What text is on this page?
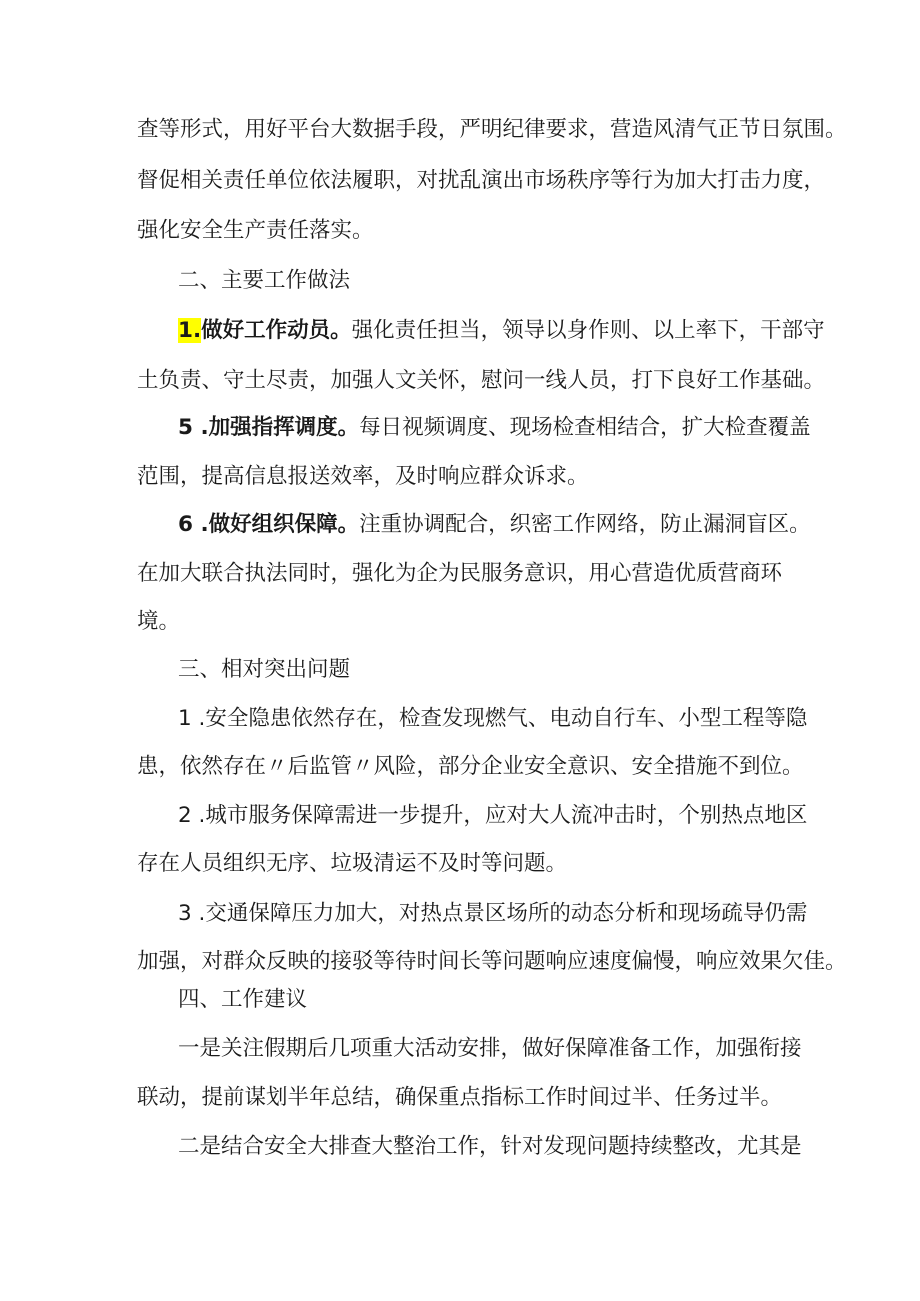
查等形式，用好平台大数据手段，严明纪律要求，营造风清气正节日氛围。
督促相关责任单位依法履职，对扰乱演出市场秩序等行为加大打击力度，
强化安全生产责任落实。
二、主要工作做法
1.做好工作动员。强化责任担当，领导以身作则、以上率下，干部守
土负责、守土尽责，加强人文关怀，慰问一线人员，打下良好工作基础。
5 .加强指挥调度。每日视频调度、现场检查相结合，扩大检查覆盖
范围，提高信息报送效率，及时响应群众诉求。
6 .做好组织保障。注重协调配合，织密工作网络，防止漏洞盲区。
在加大联合执法同时，强化为企为民服务意识，用心营造优质营商环
境。
三、相对突出问题
1 .安全隐患依然存在，检查发现燃气、电动自行车、小型工程等隐
患，依然存在〃后监管〃风险，部分企业安全意识、安全措施不到位。
2 .城市服务保障需进一步提升，应对大人流冲击时，个别热点地区
存在人员组织无序、垃圾清运不及时等问题。
3 .交通保障压力加大，对热点景区场所的动态分析和现场疏导仍需
加强，对群众反映的接驳等待时间长等问题响应速度偏慢，响应效果欠佳。
四、工作建议
一是关注假期后几项重大活动安排，做好保障准备工作，加强衔接
联动，提前谋划半年总结，确保重点指标工作时间过半、任务过半。
二是结合安全大排查大整治工作，针对发现问题持续整改，尤其是
